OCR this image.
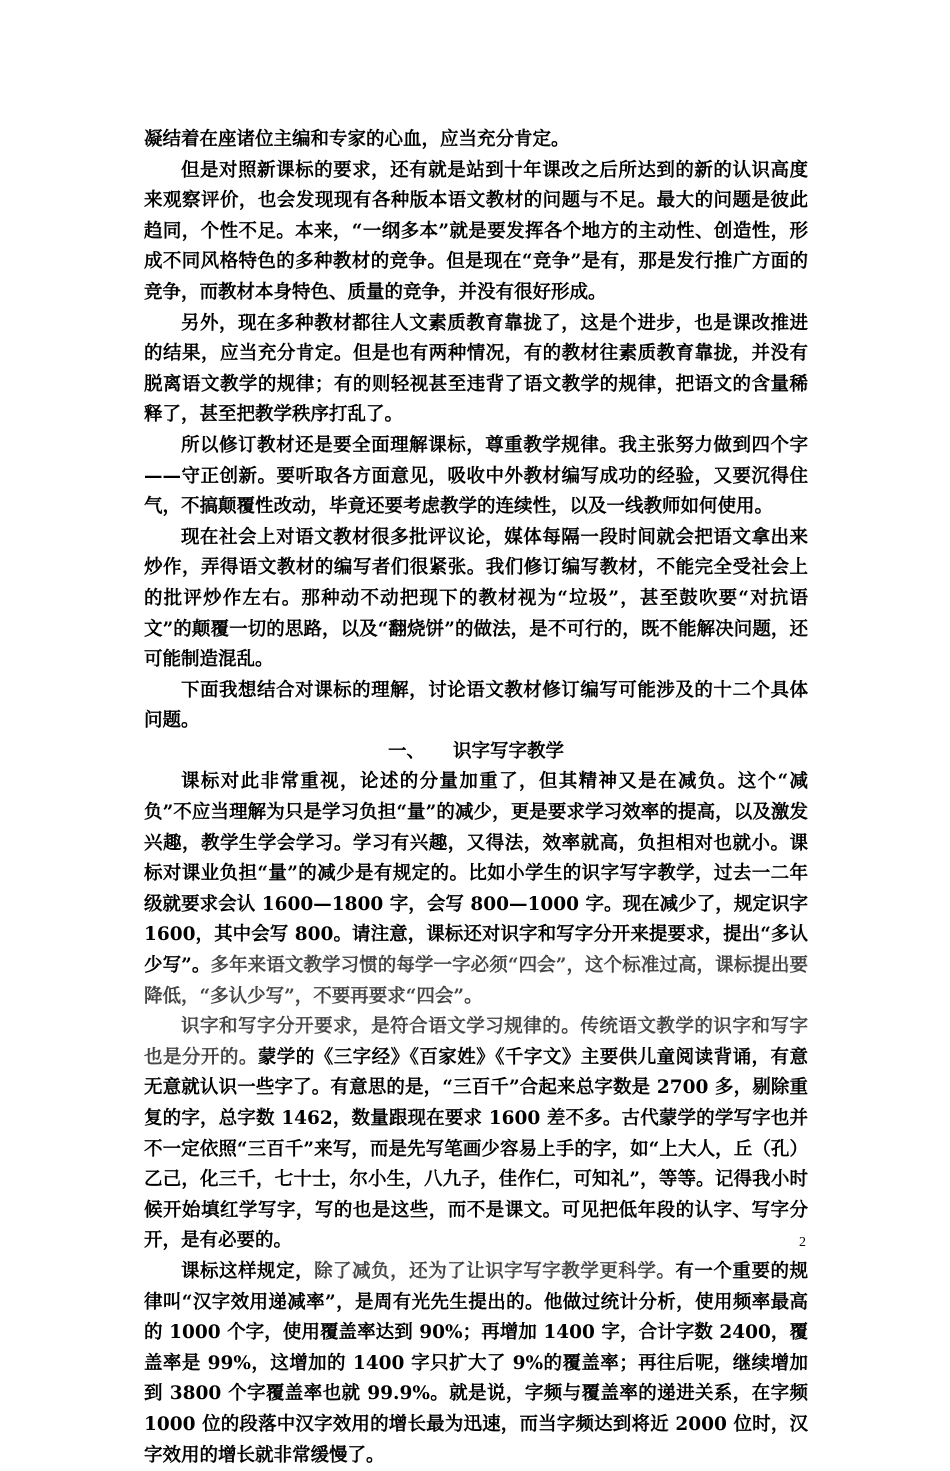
凝结着在座诸位主编和专家的心血，应当充分肯定。

但是对照新课标的要求，还有就是站到十年课改之后所达到的新的认识高度来观察评价，也会发现现有各种版本语文教材的问题与不足。最大的问题是彼此趋同，个性不足。本来，“一纲多本”就是要发挥各个地方的主动性、创造性，形成不同风格特色的多种教材的竞争。但是现在“竞争”是有，那是发行推广方面的竞争，而教材本身特色、质量的竞争，并没有很好形成。

另外，现在多种教材都往人文素质教育靠拢了，这是个进步，也是课改推进的结果，应当充分肯定。但是也有两种情况，有的教材往素质教育靠拢，并没有脱离语文教学的规律；有的则轻视甚至违背了语文教学的规律，把语文的含量稀释了，甚至把教学秩序打乱了。

所以修订教材还是要全面理解课标，尊重教学规律。我主张努力做到四个字——守正创新。要听取各方面意见，吸收中外教材编写成功的经验，又要沉得住气，不搞颠覆性改动，毕竟还要考虑教学的连续性，以及一线教师如何使用。

现在社会上对语文教材很多批评议论，媒体每隔一段时间就会把语文拿出来炒作，弄得语文教材的编写者们很紧张。我们修订编写教材，不能完全受社会上的批评炒作左右。那种动不动把现下的教材视为“垃圾”，甚至鼓吹要“对抗语文”的颠覆一切的思路，以及“翻烧饼”的做法，是不可行的，既不能解决问题，还可能制造混乱。

下面我想结合对课标的理解，讨论语文教材修订编写可能涉及的十二个具体问题。

一、 识字写字教学

课标对此非常重视，论述的分量加重了，但其精神又是在减负。这个“减负”不应当理解为只是学习负担“量”的减少，更是要求学习效率的提高，以及激发兴趣，教学生学会学习。学习有兴趣，又得法，效率就高，负担相对也就小。课标对课业负担“量”的减少是有规定的。比如小学生的识字写字教学，过去一二年级就要求会认 1600—1800 字，会写 800—1000 字。现在减少了，规定识字 1600，其中会写 800。请注意，课标还对识字和写字分开来提要求，提出“多认少写”。多年来语文教学习惯的每学一字必须“四会”，这个标准过高，课标提出要降低，“多认少写”，不要再要求“四会”。

识字和写字分开要求，是符合语文学习规律的。传统语文教学的识字和写字也是分开的。蒙学的《三字经》《百家姓》《千字文》主要供儿童阅读背诵，有意无意就认识一些字了。有意思的是，“三百千”合起来总字数是 2700 多，剔除重复的字，总字数 1462，数量跟现在要求 1600 差不多。古代蒙学的学写字也并不一定依照“三百千”来写，而是先写笔画少容易上手的字，如“上大人，丘（孔）乙己，化三千，七十士，尔小生，八九子，佳作仁，可知礼”，等等。记得我小时候开始填红学写字，写的也是这些，而不是课文。可见把低年段的认字、写字分开，是有必要的。

课标这样规定，除了减负，还为了让识字写字教学更科学。有一个重要的规律叫“汉字效用递减率”，是周有光先生提出的。他做过统计分析，使用频率最高的 1000 个字，使用覆盖率达到 90%；再增加 1400 字，合计字数 2400，覆盖率是 99%，这增加的 1400 字只扩大了 9%的覆盖率；再往后呢，继续增加到 3800 个字覆盖率也就 99.9%。就是说，字频与覆盖率的递进关系，在字频 1000 位的段落中汉字效用的增长最为迅速，而当字频达到将近 2000 位时，汉字效用的增长就非常缓慢了。

2
